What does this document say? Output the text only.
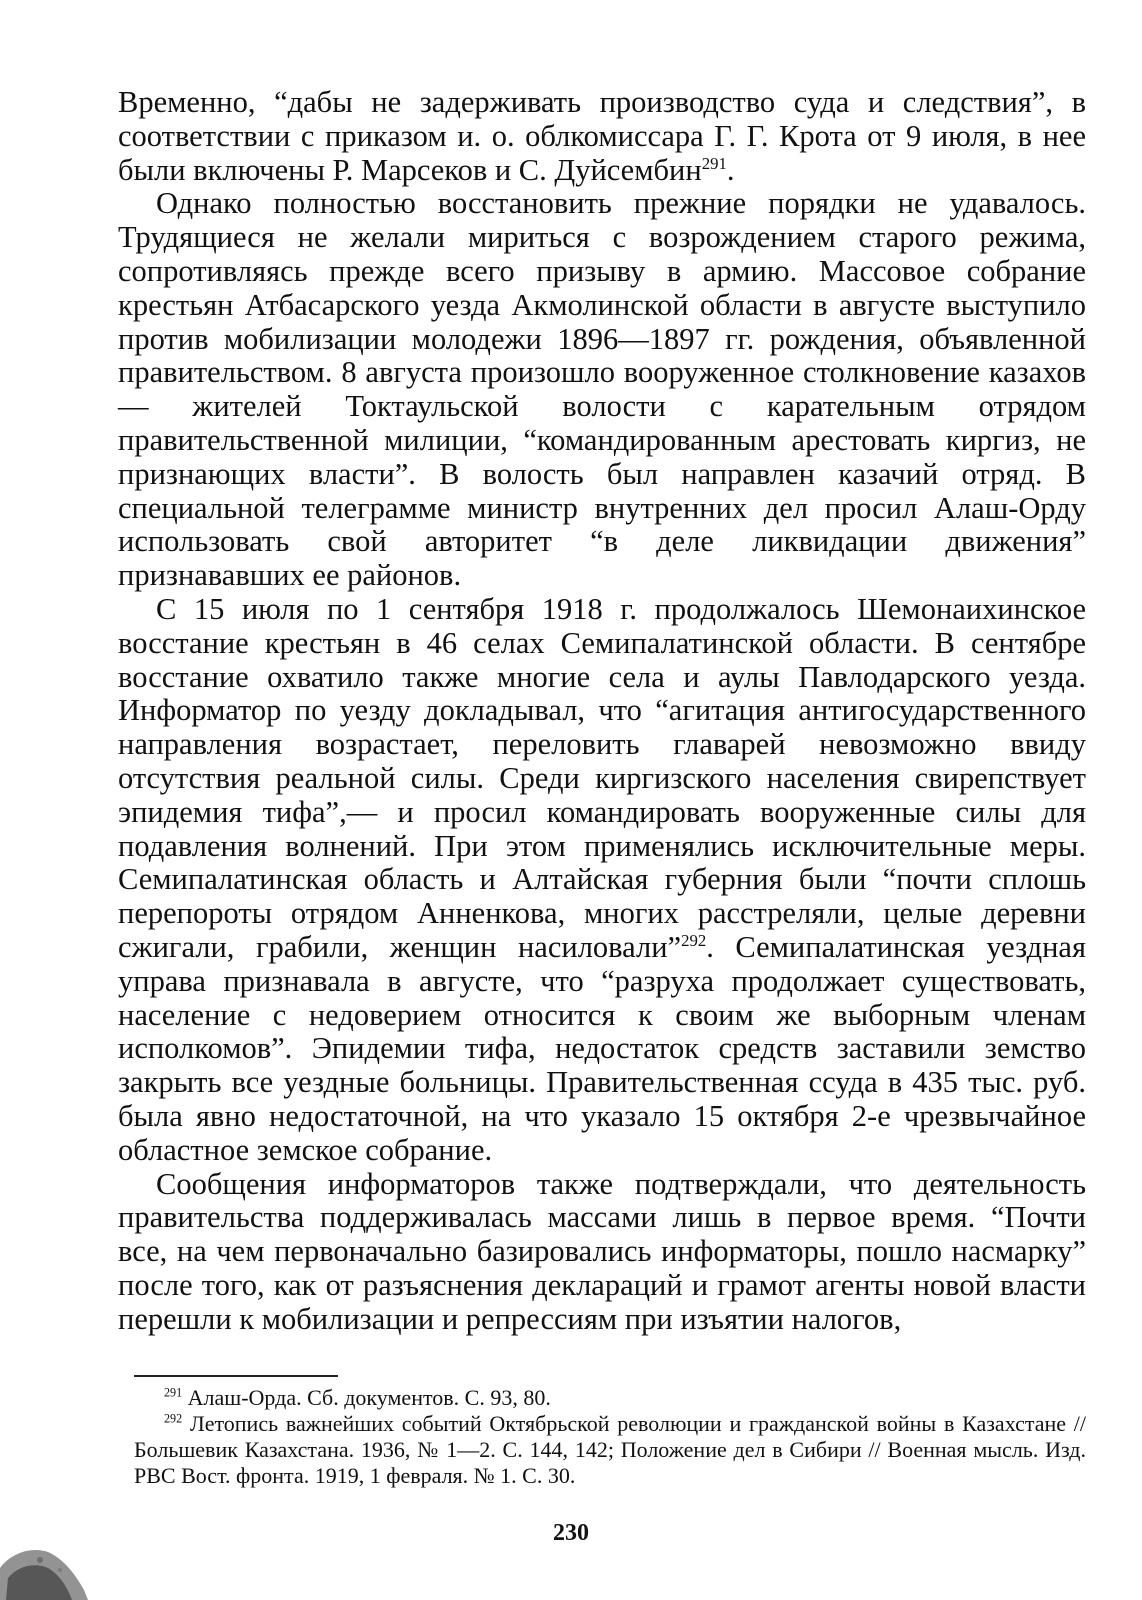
Временно, “дабы не задерживать производство суда и следствия”, в соответствии с приказом и. о. облкомиссара Г. Г. Крота от 9 июля, в нее были включены Р. Марсеков и С. Дуйсембин$^{291}$.

Однако полностью восстановить прежние порядки не удавалось. Трудящиеся не желали мириться с возрождением старого режима, сопротивляясь прежде всего призыву в армию. Массовое собрание крестьян Атбасарского уезда Акмолинской области в августе выступило против мобилизации молодежи 1896—1897 гг. рождения, объявленной правительством. 8 августа произошло вооруженное столкновение казахов — жителей Токтаульской волости с карательным отрядом правительственной милиции, “командированным арестовать киргиз, не признающих власти”. В волость был направлен казачий отряд. В специальной телеграмме министр внутренних дел просил Алаш-Орду использовать свой авторитет “в деле ликвидации движения” признававших ее районов.

С 15 июля по 1 сентября 1918 г. продолжалось Шемонаихинское восстание крестьян в 46 селах Семипалатинской области. В сентябре восстание охватило также многие села и аулы Павлодарского уезда. Информатор по уезду докладывал, что “агитация антигосударственного направления возрастает, переловить главарей невозможно ввиду отсутствия реальной силы. Среди киргизского населения свирепствует эпидемия тифа”,— и просил командировать вооруженные силы для подавления волнений. При этом применялись исключительные меры. Семипалатинская область и Алтайская губерния были “почти сплошь перепороты отрядом Анненкова, многих расстреляли, целые деревни сжигали, грабили, женщин насиловали”$^{292}$. Семипалатинская уездная управа признавала в августе, что “разруха продолжает существовать, население с недоверием относится к своим же выборным членам исполкомов”. Эпидемии тифа, недостаток средств заставили земство закрыть все уездные больницы. Правительственная ссуда в 435 тыс. руб. была явно недостаточной, на что указало 15 октября 2-е чрезвычайное областное земское собрание.

Сообщения информаторов также подтверждали, что деятельность правительства поддерживалась массами лишь в первое время. “Почти все, на чем первоначально базировались информаторы, пошло насмарку” после того, как от разъяснения деклараций и грамот агенты новой власти перешли к мобилизации и репрессиям при изъятии налогов,

$^{291}$ Алаш-Орда. Сб. документов. С. 93, 80.

$^{292}$ Летопись важнейших событий Октябрьской революции и гражданской войны в Казахстане // Большевик Казахстана. 1936, № 1—2. С. 144, 142; Положение дел в Сибири // Военная мысль. Изд. РВС Вост. фронта. 1919, 1 февраля. № 1. С. 30.

230
